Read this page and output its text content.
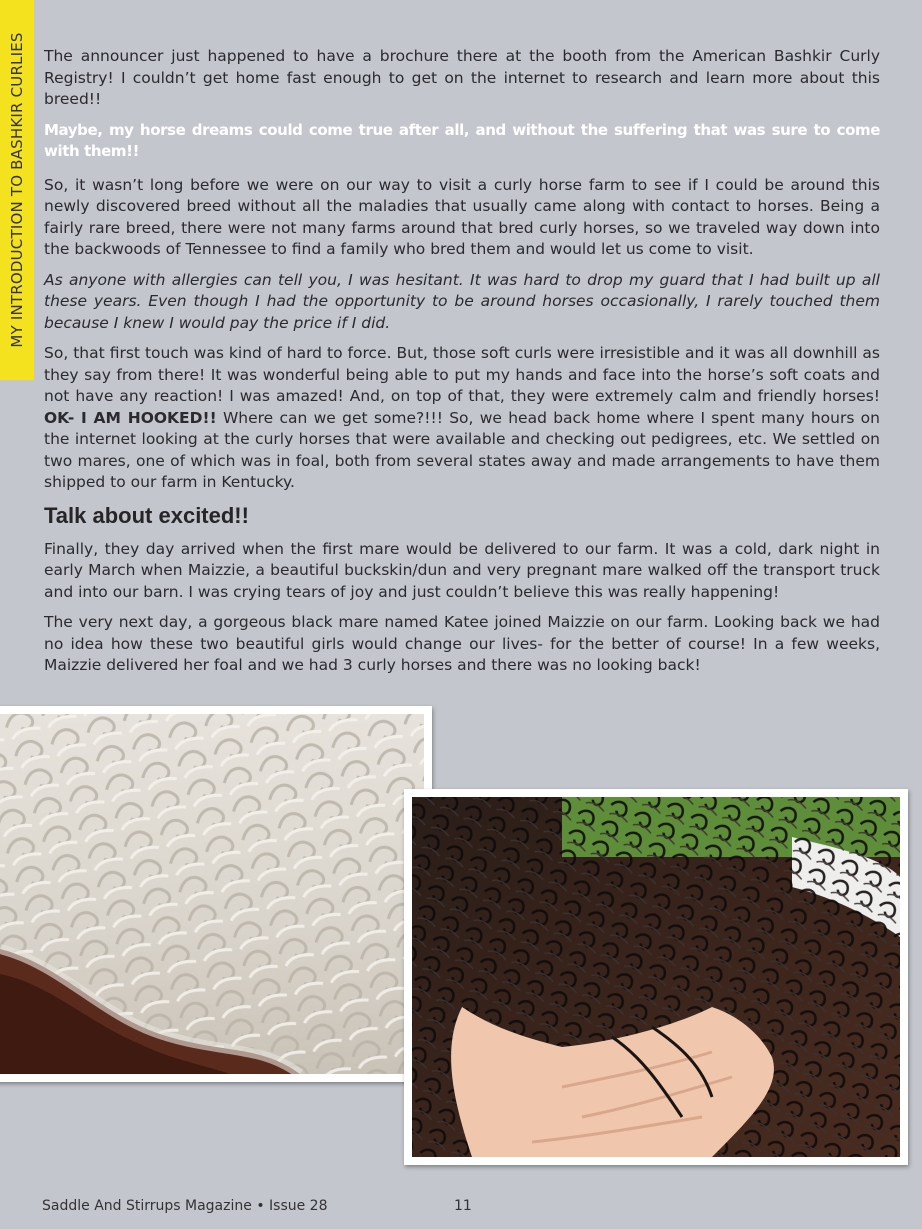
MY INTRODUCTION TO BASHKIR CURLIES The announcer just happened to have a brochure there at the booth from the American Bashkir Curly Registry! I couldn’t get home fast enough to get on the internet to research and learn more about this breed!!

Maybe, my horse dreams could come true after all, and without the suffering that was sure to come with them!!

So, it wasn’t long before we were on our way to visit a curly horse farm to see if I could be around this newly discovered breed without all the maladies that usually came along with contact to horses. Being a fairly rare breed, there were not many farms around that bred curly horses, so we traveled way down into the backwoods of Tennessee to find a family who bred them and would let us come to visit.

As anyone with allergies can tell you, I was hesitant. It was hard to drop my guard that I had built up all these years. Even though I had the opportunity to be around horses occasionally, I rarely touched them because I knew I would pay the price if I did.

So, that first touch was kind of hard to force. But, those soft curls were irresistible and it was all downhill as they say from there! It was wonderful being able to put my hands and face into the horse’s soft coats and not have any reaction! I was amazed! And, on top of that, they were extremely calm and friendly horses! OK- I AM HOOKED!! Where can we get some?!!! So, we head back home where I spent many hours on the internet looking at the curly horses that were available and checking out pedigrees, etc. We settled on two mares, one of which was in foal, both from several states away and made arrangements to have them shipped to our farm in Kentucky.

Talk about excited!!

Finally, they day arrived when the first mare would be delivered to our farm. It was a cold, dark night in early March when Maizzie, a beautiful buckskin/dun and very pregnant mare walked off the transport truck and into our barn. I was crying tears of joy and just couldn’t believe this was really happening!

The very next day, a gorgeous black mare named Katee joined Maizzie on our farm. Looking back we had no idea how these two beautiful girls would change our lives- for the better of course! In a few weeks, Maizzie delivered her foal and we had 3 curly horses and there was no looking back!

Saddle And Stirrups Magazine • Issue 28	11
